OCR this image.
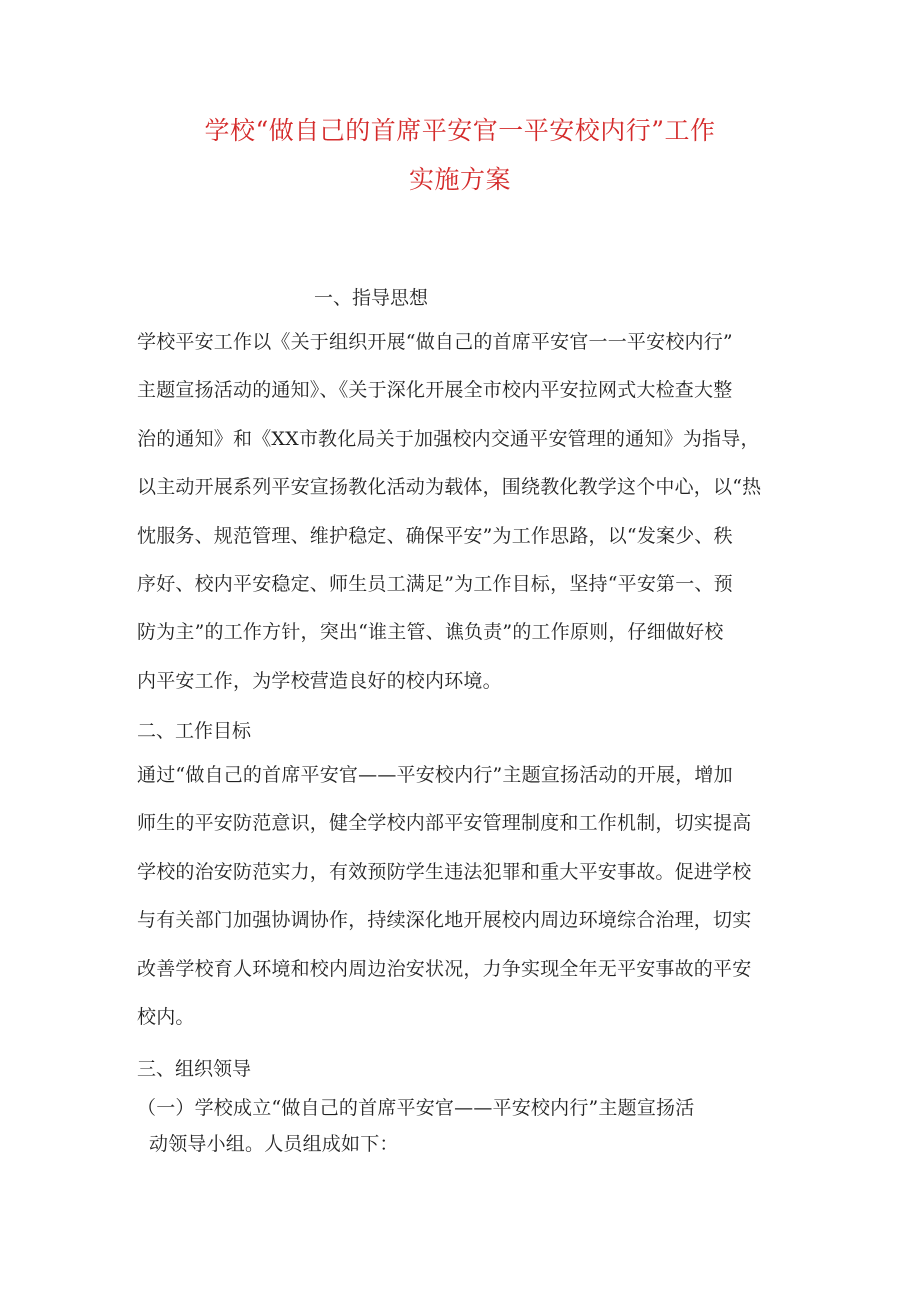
学校“做自己的首席平安官一平安校内行”工作
实施方案
一、指导思想
学校平安工作以《关于组织开展“做自己的首席平安官一一平安校内行”
主题宣扬活动的通知》、《关于深化开展全市校内平安拉网式大检查大整
治的通知》和《XX市教化局关于加强校内交通平安管理的通知》为指导，
以主动开展系列平安宣扬教化活动为载体，围绕教化教学这个中心，以“热
忱服务、规范管理、维护稳定、确保平安”为工作思路，以“发案少、秩
序好、校内平安稳定、师生员工满足”为工作目标，坚持“平安第一、预
防为主”的工作方针，突出“谁主管、谯负责”的工作原则，仔细做好校
内平安工作，为学校营造良好的校内环境。
二、工作目标
通过“做自己的首席平安官——平安校内行”主题宣扬活动的开展，增加
师生的平安防范意识，健全学校内部平安管理制度和工作机制，切实提高
学校的治安防范实力，有效预防学生违法犯罪和重大平安事故。促进学校
与有关部门加强协调协作，持续深化地开展校内周边环境综合治理，切实
改善学校育人环境和校内周边治安状况，力争实现全年无平安事故的平安
校内。
三、组织领导
（一）学校成立“做自己的首席平安官——平安校内行”主题宣扬活
动领导小组。人员组成如下：
